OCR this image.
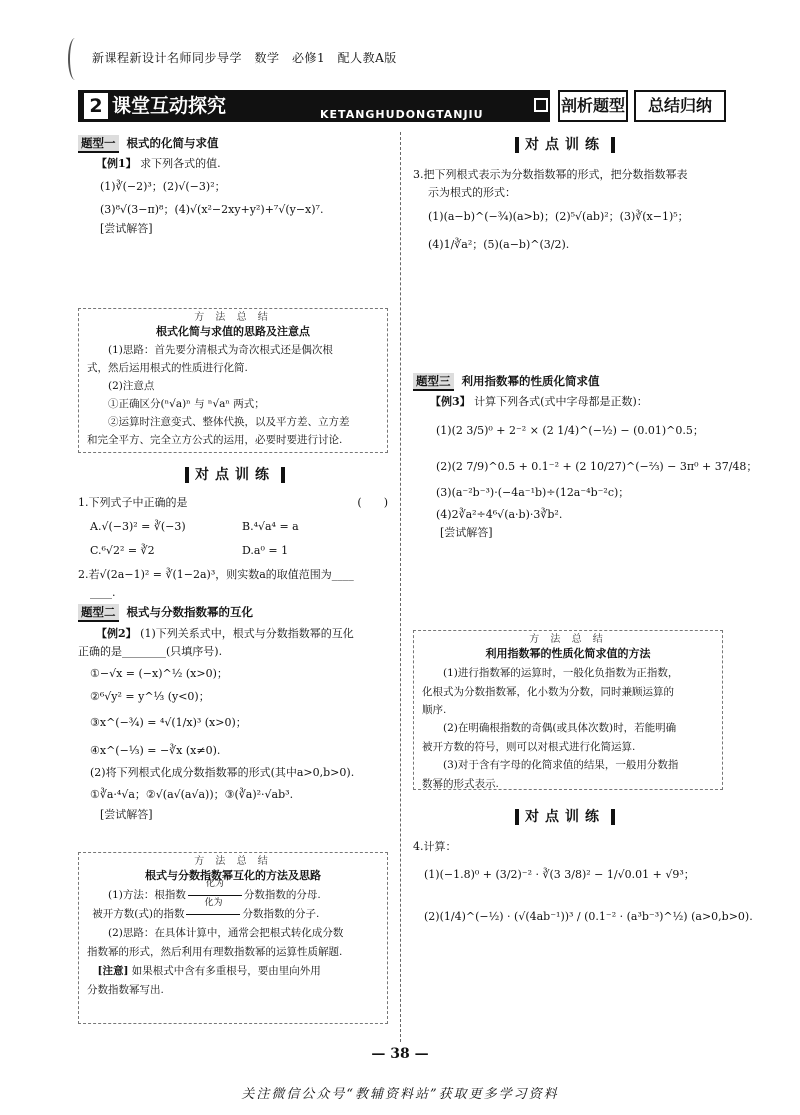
新课程新设计名师同步导学　数学　必修1　配人教A版
2 课堂互动探究	KETANGHUDONGTANJIU	剖析题型	总结归纳
题型一 根式的化简与求值
【例1】 求下列各式的值.
(1)∛(−2)³；(2)√(−3)²；
(3)⁸√(3−π)⁸；(4)√(x²−2xy+y²)+⁷√(y−x)⁷.
[尝试解答]
方 法 总 结
根式化简与求值的思路及注意点
(1)思路：首先要分清根式为奇次根式还是偶次根
式，然后运用根式的性质进行化简.
(2)注意点
①正确区分(ⁿ√a)ⁿ 与 ⁿ√aⁿ 两式；
②运算时注意变式、整体代换，以及平方差、立方差
和完全平方、完全立方公式的运用，必要时要进行讨论.
对点训练
1.下列式子中正确的是	(　　)
A.√(−3)² = ∛(−3)	B.⁴√a⁴ = a
C.⁶√2² = ∛2	D.a⁰ = 1
2.若√(2a−1)² = ∛(1−2a)³，则实数a的取值范围为____
____.
题型二 根式与分数指数幂的互化
【例2】 (1)下列关系式中，根式与分数指数幂的互化
正确的是________(只填序号).
①−√x = (−x)^½ (x>0)；
②⁶√y² = y^⅓ (y<0)；
③x^(−¾) = ⁴√(1/x)³ (x>0)；
④x^(−⅓) = −∛x (x≠0).
(2)将下列根式化成分数指数幂的形式(其中a>0,b>0).
①∛a·⁴√a；②√(a√(a√a))；③(∛a)²·√ab³.
[尝试解答]
方 法 总 结
根式与分数指数幂互化的方法及思路
(1)方法：根指数
化为
分数指数的分母.
被开方数(式)的指数
化为
分数指数的分子.
(2)思路：在具体计算中，通常会把根式转化成分数
指数幂的形式，然后利用有理数指数幂的运算性质解题.
[注意] 如果根式中含有多重根号，要由里向外用
分数指数幂写出.
对点训练
3.把下列根式表示为分数指数幂的形式，把分数指数幂表
示为根式的形式：
(1)(a−b)^(−¾)(a>b)；(2)⁵√(ab)²；(3)∛(x−1)⁵；
(4)1/∛a²；(5)(a−b)^(3/2).
题型三 利用指数幂的性质化简求值
【例3】 计算下列各式(式中字母都是正数)：
(1)(2 3/5)⁰ + 2⁻² × (2 1/4)^(−½) − (0.01)^0.5；
(2)(2 7/9)^0.5 + 0.1⁻² + (2 10/27)^(−⅔) − 3π⁰ + 37/48；
(3)(a⁻²b⁻³)·(−4a⁻¹b)÷(12a⁻⁴b⁻²c)；
(4)2∛a²÷4⁶√(a·b)·3∛b².
[尝试解答]
方 法 总 结
利用指数幂的性质化简求值的方法
(1)进行指数幂的运算时，一般化负指数为正指数，
化根式为分数指数幂，化小数为分数，同时兼顾运算的
顺序.
(2)在明确根指数的奇偶(或具体次数)时，若能明确
被开方数的符号，则可以对根式进行化简运算.
(3)对于含有字母的化简求值的结果，一般用分数指
数幂的形式表示.
对点训练
4.计算：
(1)(−1.8)⁰ + (3/2)⁻² · ∛(3 3/8)² − 1/√0.01 + √9³；
(2)(1/4)^(−½) · (√(4ab⁻¹))³ / (0.1⁻² · (a³b⁻³)^½) (a>0,b>0).
— 38 —
关注微信公众号“教辅资料站”获取更多学习资料
